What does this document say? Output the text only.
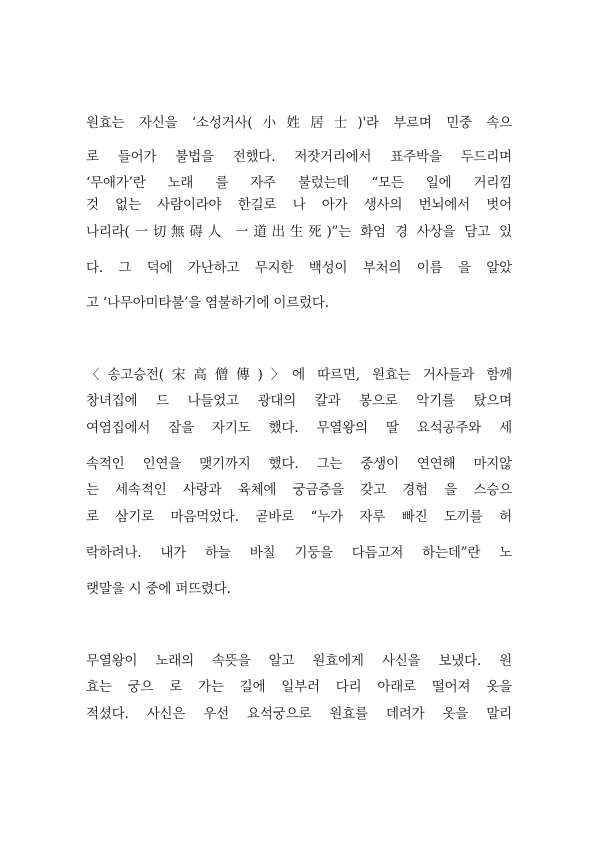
원효는 자신을 ‘소성거사(小姓居士)'라 부르며 민중 속으
로 들어가 불법을 전했다. 저잣거리에서 표주박을 두드리며
‘무애가’란 노래 를 자주 불렀는데 “모든 일에 거리낌
것 없는 사람이라야 한길로 나 아가 생사의 번뇌에서 벗어
나리라(一切無碍人 一道出生死)”는 화엄 경 사상을 담고 있
다. 그 덕에 가난하고 무지한 백성이 부처의 이름 을 알았
고 ‘나무아미타불’을 염불하기에 이르렀다.
〈송고승전(宋高僧傳)〉에 따르면, 원효는 거사들과 함께
창녀집에 드 나들었고 광대의 칼과 봉으로 악기를 탔으며
여염집에서 잠을 자기도 했다. 무열왕의 딸 요석공주와 세
속적인 인연을 맺기까지 했다. 그는 중생이 연연해 마지않
는 세속적인 사랑과 육체에 궁금증을 갖고 경험 을 스승으
로 삼기로 마음먹었다. 곧바로 “누가 자루 빠진 도끼를 허
락하려나. 내가 하늘 바칠 기둥을 다듬고저 하는데”란 노
랫말을 시 중에 퍼뜨렸다.
무열왕이 노래의 속뜻을 알고 원효에게 사신을 보냈다. 원
효는 궁으 로 가는 길에 일부러 다리 아래로 떨어져 옷을
적셨다. 사신은 우선 요석궁으로 원효를 데려가 옷을 말리
